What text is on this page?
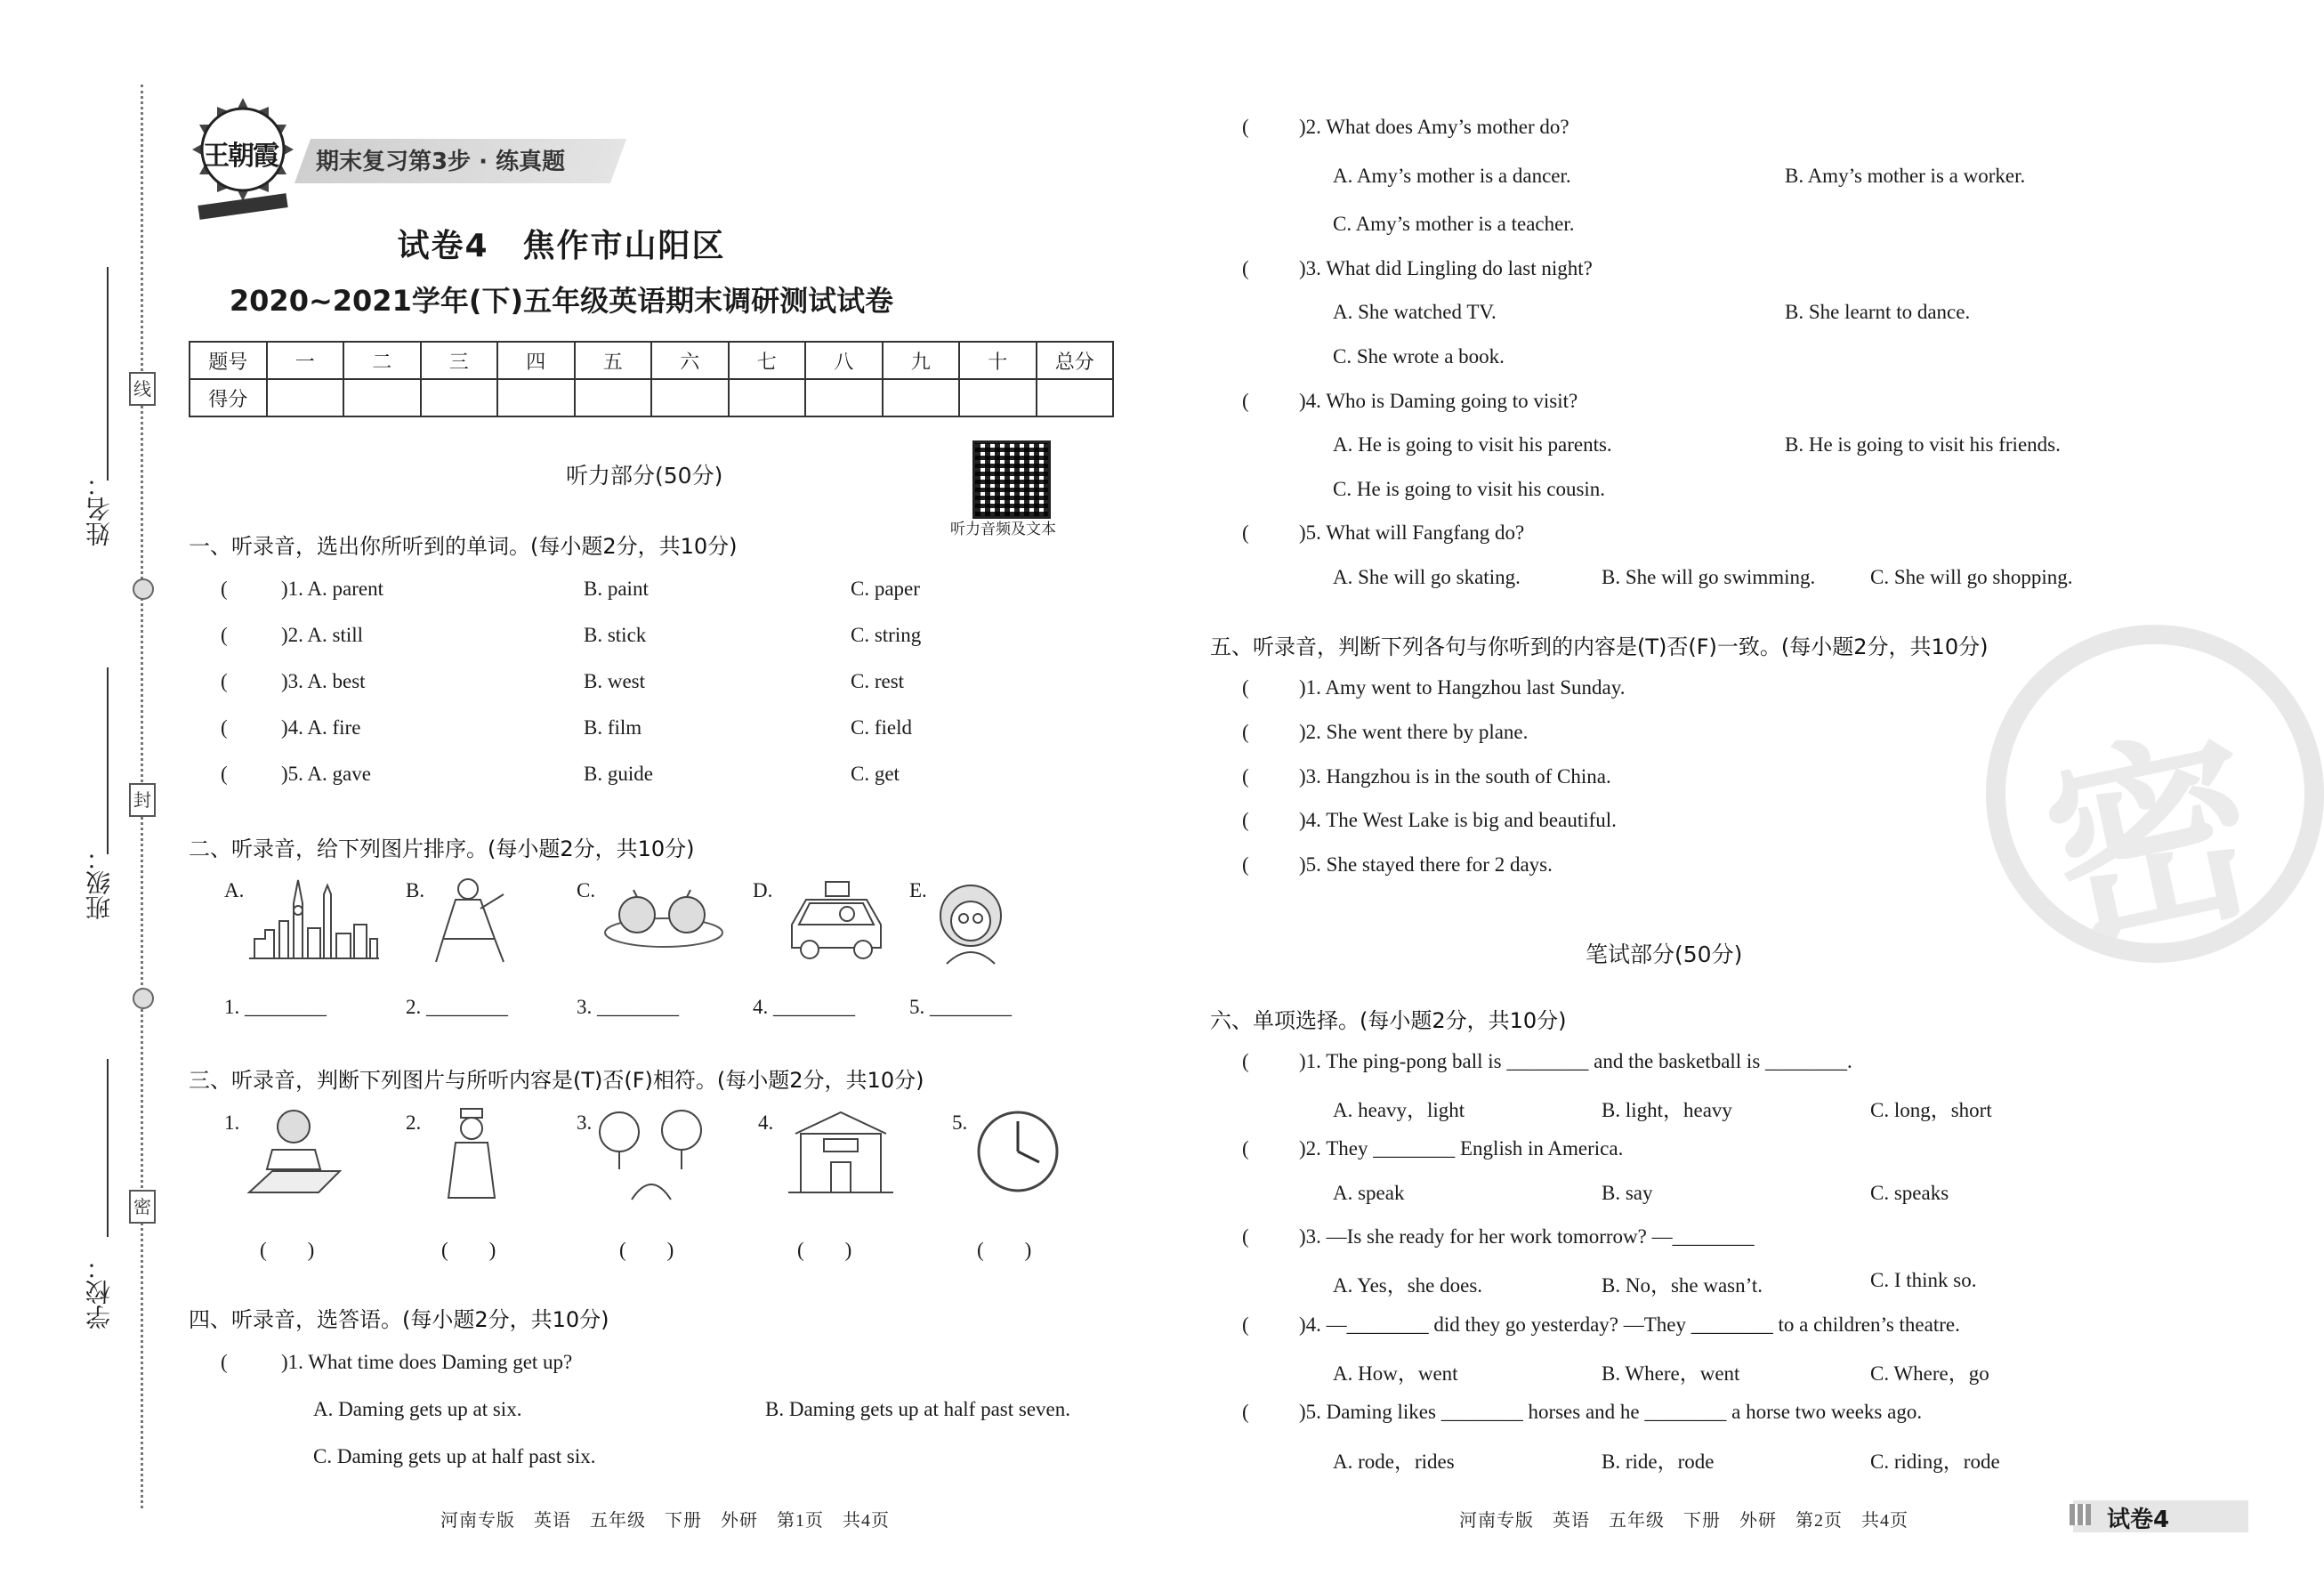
线
封
密
姓名：
班级：
学校：
王朝霞 期末复习第3步 · 练真题
试卷4　焦作市山阳区
2020~2021学年(下)五年级英语期末调研测试试卷
题号	一	二	三	四	五	六	七	八	九	十	总分
得分											
听力部分(50分)
听力音频及文本
一、听录音，选出你所听到的单词。(每小题2分，共10分)
(	)1. A. parent	B. paint	C. paper
(	)2. A. still	B. stick	C. string
(	)3. A. best	B. west	C. rest
(	)4. A. fire	B. film	C. field
(	)5. A. gave	B. guide	C. get
二、听录音，给下列图片排序。(每小题2分，共10分)
A.	B.	C.	D.	E.
1. ________	2. ________	3. ________	4. ________	5. ________
三、听录音，判断下列图片与所听内容是(T)否(F)相符。(每小题2分，共10分)
1.	2.	3.	4.	5.
(　　)	(　　)	(　　)	(　　)	(　　)
四、听录音，选答语。(每小题2分，共10分)
(	)1. What time does Daming get up?
A. Daming gets up at six.	B. Daming gets up at half past seven.
C. Daming gets up at half past six.
河南专版　英语　五年级　下册　外研　第1页　共4页
密
( )2. What does Amy’s mother do?
A. Amy’s mother is a dancer.	B. Amy’s mother is a worker.
C. Amy’s mother is a teacher.
( )3. What did Lingling do last night?
A. She watched TV.	B. She learnt to dance.
C. She wrote a book.
( )4. Who is Daming going to visit?
A. He is going to visit his parents.	B. He is going to visit his friends.
C. He is going to visit his cousin.
( )5. What will Fangfang do?
A. She will go skating.	B. She will go swimming.	C. She will go shopping.
五、听录音，判断下列各句与你听到的内容是(T)否(F)一致。(每小题2分，共10分)
( )1. Amy went to Hangzhou last Sunday.
( )2. She went there by plane.
( )3. Hangzhou is in the south of China.
( )4. The West Lake is big and beautiful.
( )5. She stayed there for 2 days.
笔试部分(50分)
六、单项选择。(每小题2分，共10分)
( )1. The ping-pong ball is ________ and the basketball is ________.
A. heavy，light	B. light，heavy	C. long，short
( )2. They ________ English in America.
A. speak	B. say	C. speaks
( )3. —Is she ready for her work tomorrow? —________
A. Yes，she does.	B. No，she wasn’t.	C. I think so.
( )4. —________ did they go yesterday? —They ________ to a children’s theatre.
A. How，went	B. Where，went	C. Where，go
( )5. Daming likes ________ horses and he ________ a horse two weeks ago.
A. rode，rides	B. ride，rode	C. riding，rode
河南专版　英语　五年级　下册　外研　第2页　共4页	试卷4
